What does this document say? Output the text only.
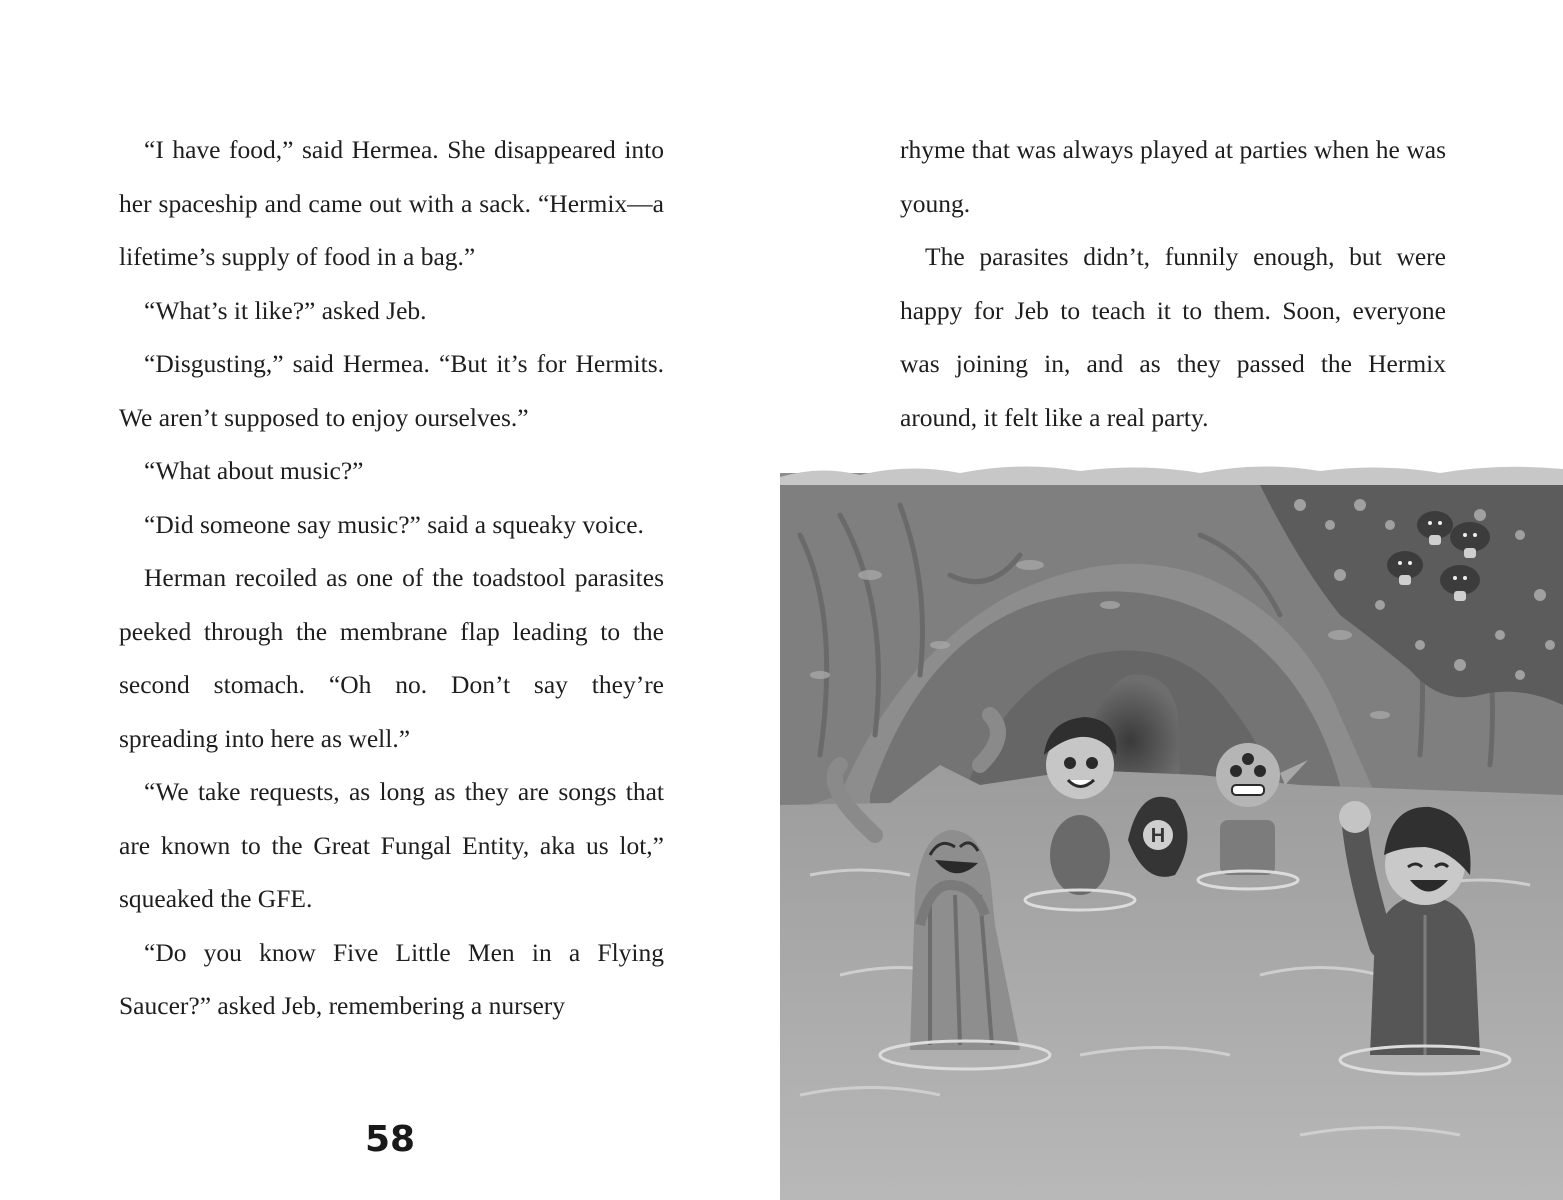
“I have food,” said Hermea. She disappeared into her spaceship and came out with a sack. “Hermix—a lifetime’s supply of food in a bag.”

“What’s it like?” asked Jeb.

“Disgusting,” said Hermea. “But it’s for Hermits. We aren’t supposed to enjoy ourselves.”

“What about music?”

“Did someone say music?” said a squeaky voice.

Herman recoiled as one of the toadstool parasites peeked through the membrane flap leading to the second stomach. “Oh no. Don’t say they’re spreading into here as well.”

“We take requests, as long as they are songs that are known to the Great Fungal Entity, aka us lot,” squeaked the GFE.

“Do you know Five Little Men in a Flying Saucer?” asked Jeb, remembering a nursery

58

rhyme that was always played at parties when he was young.

The parasites didn’t, funnily enough, but were happy for Jeb to teach it to them. Soon, everyone was joining in, and as they passed the Hermix around, it felt like a real party.

H
